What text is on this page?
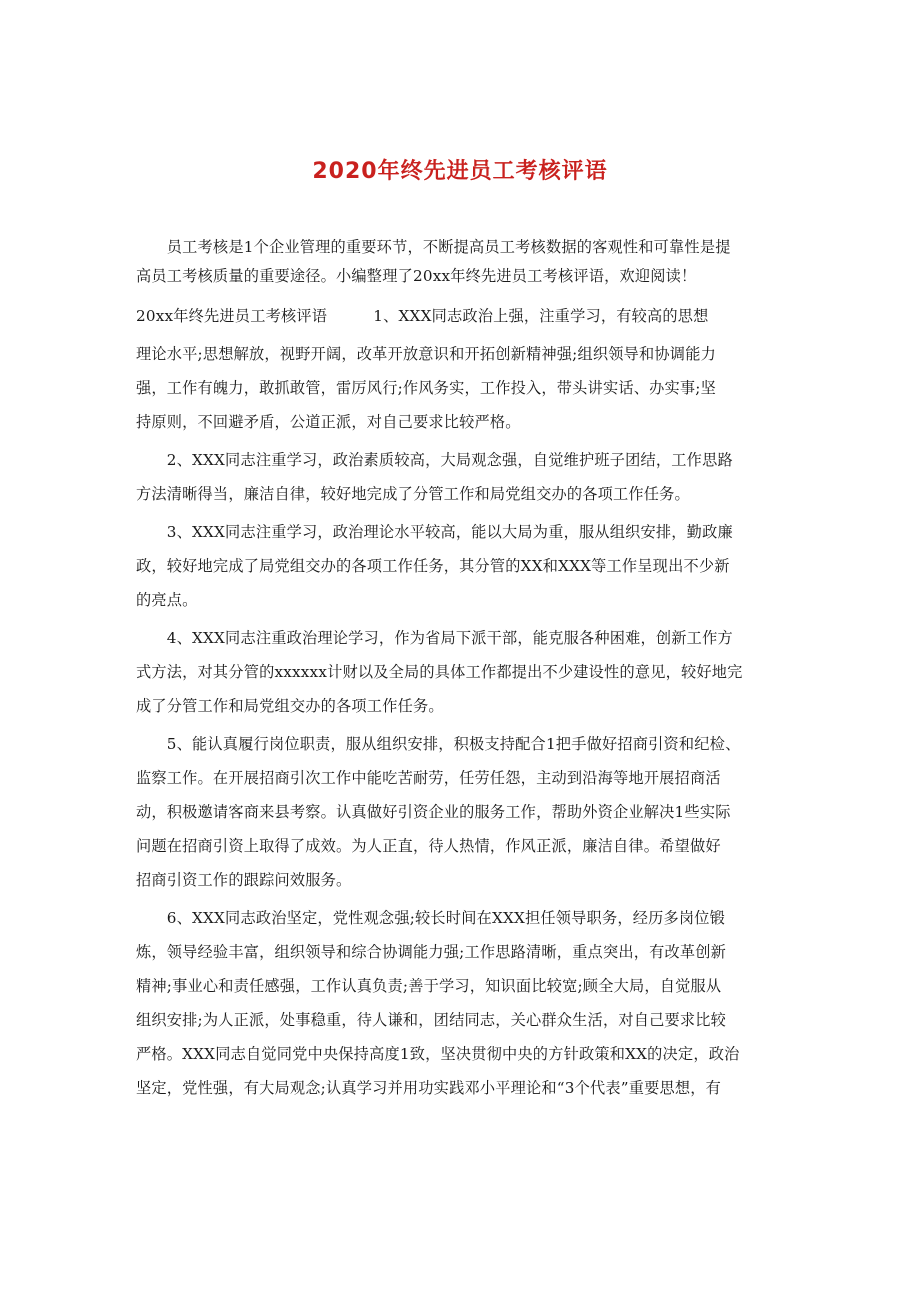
2020年终先进员工考核评语
　　员工考核是1个企业管理的重要环节，不断提高员工考核数据的客观性和可靠性是提
高员工考核质量的重要途径。小编整理了20xx年终先进员工考核评语，欢迎阅读！
20xx年终先进员工考核评语　　　1、XXX同志政治上强，注重学习，有较高的思想
理论水平;思想解放，视野开阔，改革开放意识和开拓创新精神强;组织领导和协调能力
强，工作有魄力，敢抓敢管，雷厉风行;作风务实，工作投入，带头讲实话、办实事;坚
持原则，不回避矛盾，公道正派，对自己要求比较严格。
　　2、XXX同志注重学习，政治素质较高，大局观念强，自觉维护班子团结，工作思路
方法清晰得当，廉洁自律，较好地完成了分管工作和局党组交办的各项工作任务。
　　3、XXX同志注重学习，政治理论水平较高，能以大局为重，服从组织安排，勤政廉
政，较好地完成了局党组交办的各项工作任务，其分管的XX和XXX等工作呈现出不少新
的亮点。
　　4、XXX同志注重政治理论学习，作为省局下派干部，能克服各种困难，创新工作方
式方法，对其分管的xxxxxx计财以及全局的具体工作都提出不少建设性的意见，较好地完
成了分管工作和局党组交办的各项工作任务。
　　5、能认真履行岗位职责，服从组织安排，积极支持配合1把手做好招商引资和纪检、
监察工作。在开展招商引次工作中能吃苦耐劳，任劳任怨，主动到沿海等地开展招商活
动，积极邀请客商来县考察。认真做好引资企业的服务工作，帮助外资企业解决1些实际
问题在招商引资上取得了成效。为人正直，待人热情，作风正派，廉洁自律。希望做好
招商引资工作的跟踪问效服务。
　　6、XXX同志政治坚定，党性观念强;较长时间在XXX担任领导职务，经历多岗位锻
炼，领导经验丰富，组织领导和综合协调能力强;工作思路清晰，重点突出，有改革创新
精神;事业心和责任感强，工作认真负责;善于学习，知识面比较宽;顾全大局，自觉服从
组织安排;为人正派，处事稳重，待人谦和，团结同志，关心群众生活，对自己要求比较
严格。XXX同志自觉同党中央保持高度1致，坚决贯彻中央的方针政策和XX的决定，政治
坚定，党性强，有大局观念;认真学习并用功实践邓小平理论和“3个代表”重要思想，有
